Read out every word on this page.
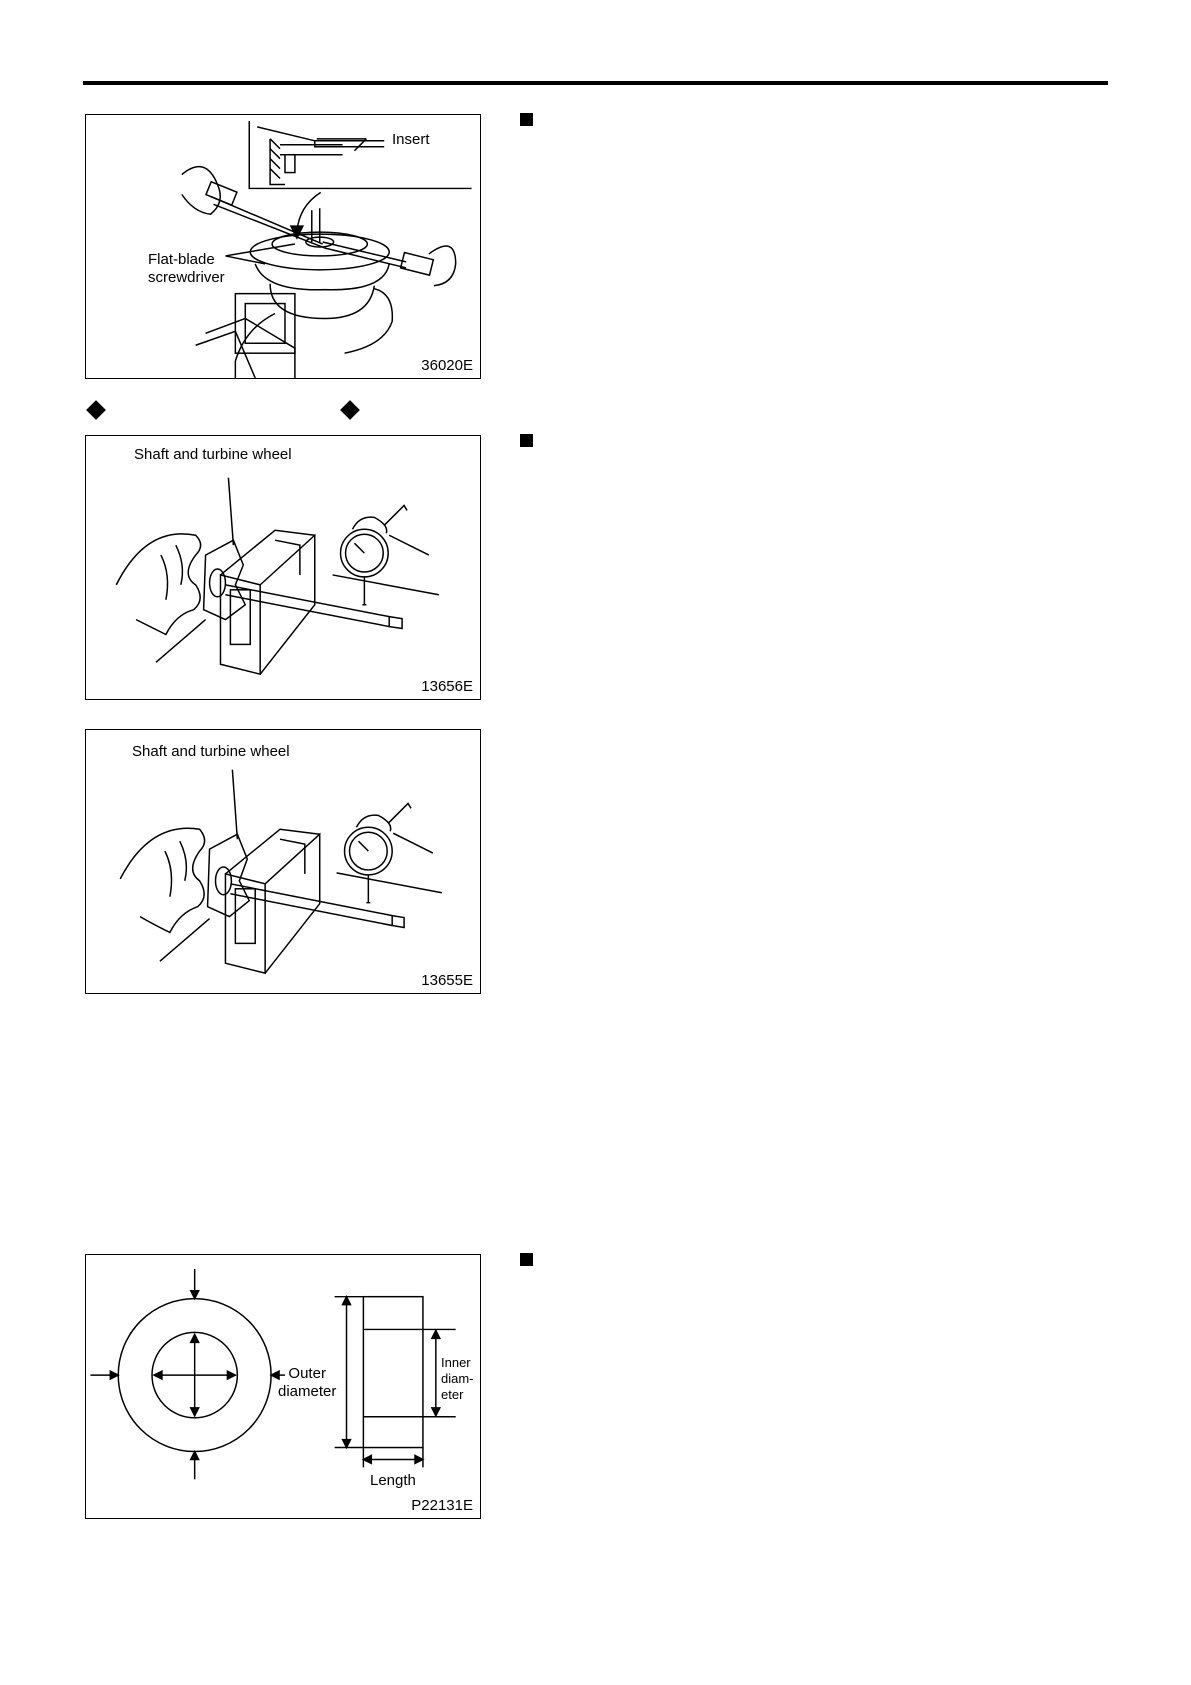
Insert
Flat-blade
screwdriver
36020E
Shaft and turbine wheel
13656E
Shaft and turbine wheel
13655E
Outer
diameter
Inner
diam-
eter
Length
P22131E
